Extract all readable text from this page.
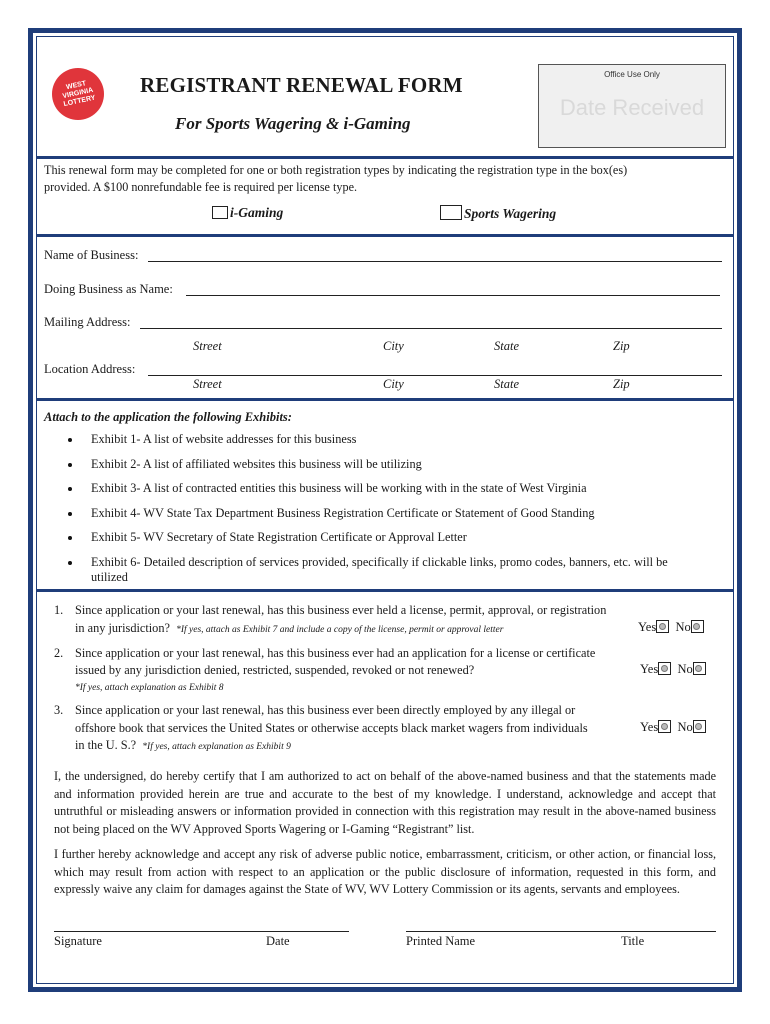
WEST VIRGINIA LOTTERY
REGISTRANT RENEWAL FORM
For Sports Wagering & i-Gaming
Office Use Only
Date Received
This renewal form may be completed for one or both registration types by indicating the registration type in the box(es)
provided. A $100 nonrefundable fee is required per license type.
i-Gaming	Sports Wagering
Name of Business:
Doing Business as Name:
Mailing Address:
Street	City	State	Zip
Location Address:
Street	City	State	Zip
Attach to the application the following Exhibits:
Exhibit 1- A list of website addresses for this business
Exhibit 2- A list of affiliated websites this business will be utilizing
Exhibit 3- A list of contracted entities this business will be working with in the state of West Virginia
Exhibit 4- WV State Tax Department Business Registration Certificate or Statement of Good Standing
Exhibit 5- WV Secretary of State Registration Certificate or Approval Letter
Exhibit 6- Detailed description of services provided, specifically if clickable links, promo codes, banners, etc. will be
utilized
1. Since application or your last renewal, has this business ever held a license, permit, approval, or registration
in any jurisdiction? *If yes, attach as Exhibit 7 and include a copy of the license, permit or approval letter	Yes No
2. Since application or your last renewal, has this business ever had an application for a license or certificate
issued by any jurisdiction denied, restricted, suspended, revoked or not renewed?
*If yes, attach explanation as Exhibit 8
Yes No
3. Since application or your last renewal, has this business ever been directly employed by any illegal or
offshore book that services the United States or otherwise accepts black market wagers from individuals
in the U. S.? *If yes, attach explanation as Exhibit 9
Yes No
I, the undersigned, do hereby certify that I am authorized to act on behalf of the above-named business and that the statements made and information provided herein are true and accurate to the best of my knowledge. I understand, acknowledge and accept that untruthful or misleading answers or information provided in connection with this registration may result in the above-named business not being placed on the WV Approved Sports Wagering or I-Gaming “Registrant” list.
I further hereby acknowledge and accept any risk of adverse public notice, embarrassment, criticism, or other action, or financial loss, which may result from action with respect to an application or the public disclosure of information, requested in this form, and expressly waive any claim for damages against the State of WV, WV Lottery Commission or its agents, servants and employees.
Signature	Date	Printed Name	Title
